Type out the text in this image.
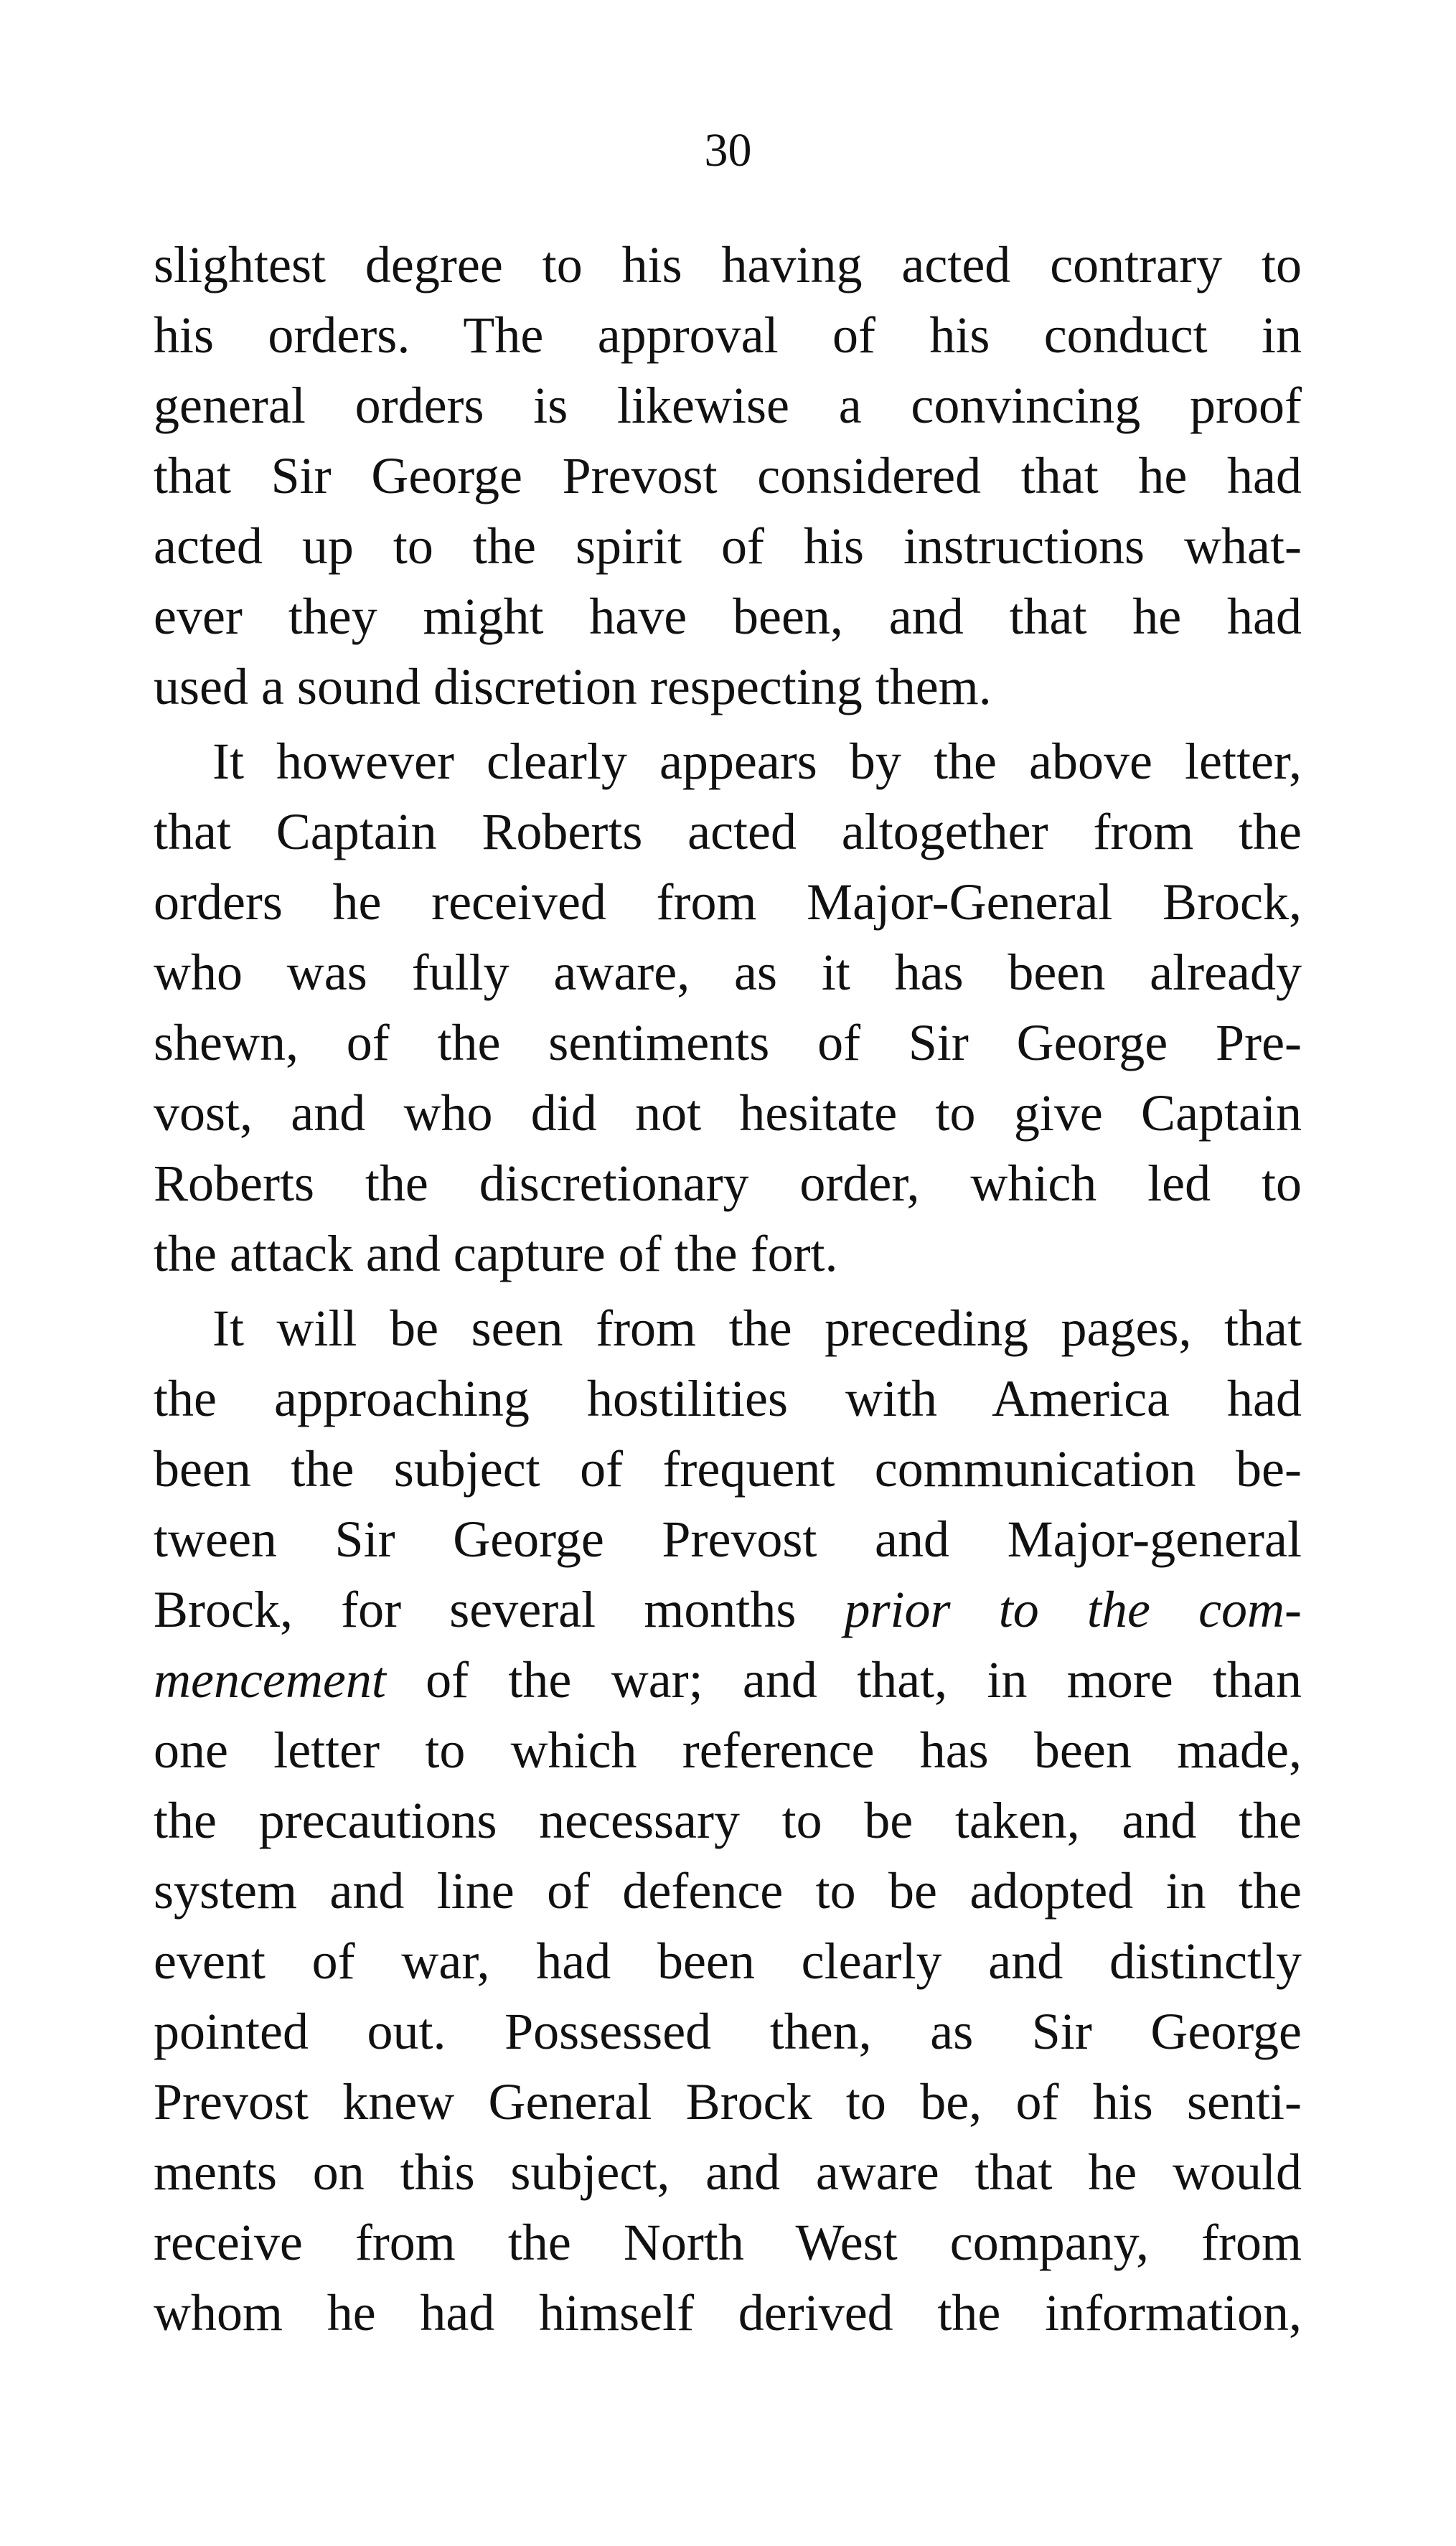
30
slightest degree to his having acted contrary to
his orders. The approval of his conduct in
general orders is likewise a convincing proof
that Sir George Prevost considered that he had
acted up to the spirit of his instructions what-
ever they might have been, and that he had
used a sound discretion respecting them.
It however clearly appears by the above letter,
that Captain Roberts acted altogether from the
orders he received from Major-General Brock,
who was fully aware, as it has been already
shewn, of the sentiments of Sir George Pre-
vost, and who did not hesitate to give Captain
Roberts the discretionary order, which led to
the attack and capture of the fort.
It will be seen from the preceding pages, that
the approaching hostilities with America had
been the subject of frequent communication be-
tween Sir George Prevost and Major-general
Brock, for several months prior to the com-
mencement of the war; and that, in more than
one letter to which reference has been made,
the precautions necessary to be taken, and the
system and line of defence to be adopted in the
event of war, had been clearly and distinctly
pointed out. Possessed then, as Sir George
Prevost knew General Brock to be, of his senti-
ments on this subject, and aware that he would
receive from the North West company, from
whom he had himself derived the information,
